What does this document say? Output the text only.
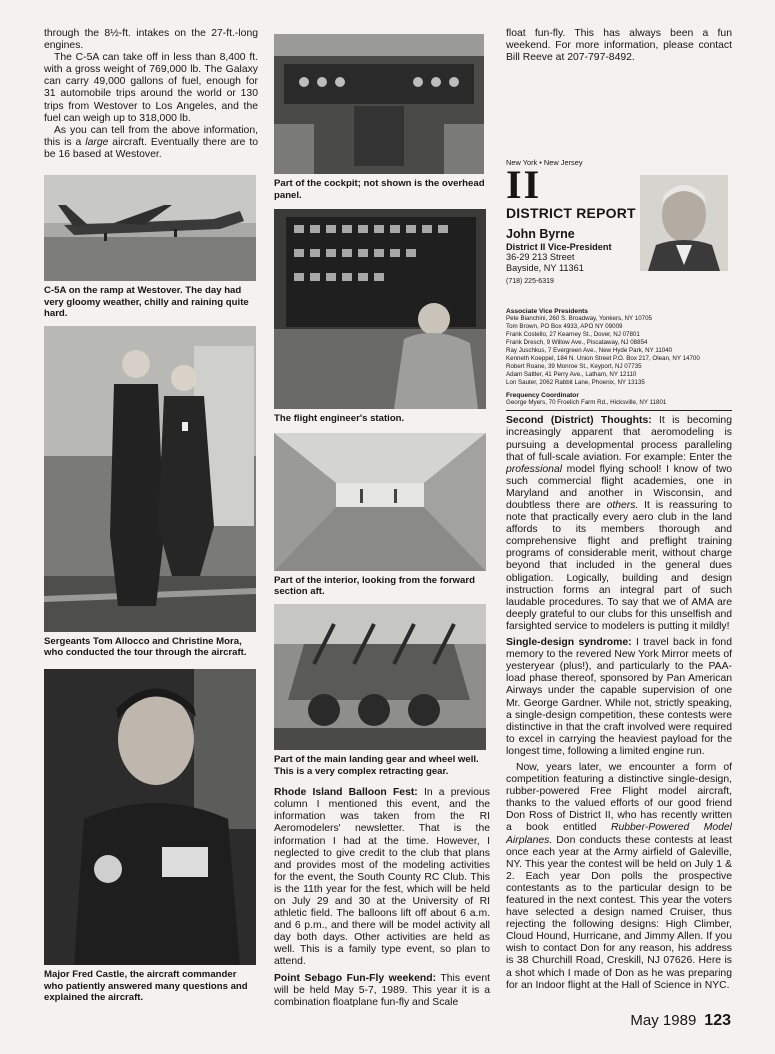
through the 8½-ft. intakes on the 27-ft.-long engines.

The C-5A can take off in less than 8,400 ft. with a gross weight of 769,000 lb. The Galaxy can carry 49,000 gallons of fuel, enough for 31 automobile trips around the world or 130 trips from Westover to Los Angeles, and the fuel can weigh up to 318,000 lb.

As you can tell from the above information, this is a large aircraft. Eventually there are to be 16 based at Westover.

C-5A on the ramp at Westover. The day had very gloomy weather, chilly and raining quite hard.

Sergeants Tom Allocco and Christine Mora, who conducted the tour through the aircraft.

Major Fred Castle, the aircraft commander who patiently answered many questions and explained the aircraft.

Part of the cockpit; not shown is the overhead panel.

The flight engineer's station.

Part of the interior, looking from the forward section aft.

Part of the main landing gear and wheel well. This is a very complex retracting gear.

Rhode Island Balloon Fest: In a previous column I mentioned this event, and the information was taken from the RI Aeromodelers' newsletter. That is the information I had at the time. However, I neglected to give credit to the club that plans and provides most of the modeling activities for the event, the South County RC Club. This is the 11th year for the fest, which will be held on July 29 and 30 at the University of RI athletic field. The balloons lift off about 6 a.m. and 6 p.m., and there will be model activity all day both days. Other activities are held as well. This is a family type event, so plan to attend.

Point Sebago Fun-Fly weekend: This event will be held May 5-7, 1989. This year it is a combination floatplane fun-fly and Scale

float fun-fly. This has always been a fun weekend. For more information, please contact Bill Reeve at 207-797-8492.

New York • New Jersey

II

DISTRICT REPORT
John Byrne
District II Vice-President
36-29 213 Street
Bayside, NY 11361
(718) 225-6319
Associate Vice Presidents

Pete Bianchini, 260 S. Broadway, Yonkers, NY 10705

Tom Brown, PO Box 4933, APO NY 09009

Frank Costello, 27 Kearney St., Dover, NJ 07801

Frank Dresch, 9 Willow Ave., Piscataway, NJ 08854

Ray Juschkus, 7 Evergreen Ave., New Hyde Park, NY 11040

Kenneth Koeppel, 184 N. Union Street P.O. Box 217, Olean, NY 14700

Robert Roane, 39 Monroe St., Keyport, NJ 07735

Adam Sattler, 41 Perry Ave., Latham, NY 12110

Lon Sauter, 2062 Rabbit Lane, Phoenix, NY 13135

Frequency Coordinator

George Myers, 70 Froelich Farm Rd., Hicksville, NY 11801

Second (District) Thoughts: It is becoming increasingly apparent that aeromodeling is pursuing a developmental process paralleling that of full-scale aviation. For example: Enter the professional model flying school! I know of two such commercial flight academies, one in Maryland and another in Wisconsin, and doubtless there are others. It is reassuring to note that practically every aero club in the land affords to its members thorough and comprehensive flight and preflight training programs of considerable merit, without charge beyond that included in the general dues obligation. Logically, building and design instruction forms an integral part of such laudable procedures. To say that we of AMA are deeply grateful to our clubs for this unselfish and farsighted service to modelers is putting it mildly!

Single-design syndrome: I travel back in fond memory to the revered New York Mirror meets of yesteryear (plus!), and particularly to the PAA-load phase thereof, sponsored by Pan American Airways under the capable supervision of one Mr. George Gardner. While not, strictly speaking, a single-design competition, these contests were distinctive in that the craft involved were required to excel in carrying the heaviest payload for the longest time, following a limited engine run.

Now, years later, we encounter a form of competition featuring a distinctive single-design, rubber-powered Free Flight model aircraft, thanks to the valued efforts of our good friend Don Ross of District II, who has recently written a book entitled Rubber-Powered Model Airplanes. Don conducts these contests at least once each year at the Army airfield of Galeville, NY. This year the contest will be held on July 1 & 2. Each year Don polls the prospective contestants as to the particular design to be featured in the next contest. This year the voters have selected a design named Cruiser, thus rejecting the following designs: High Climber, Cloud Hound, Hurricane, and Jimmy Allen. If you wish to contact Don for any reason, his address is 38 Churchill Road, Creskill, NJ 07626. Here is a shot which I made of Don as he was preparing for an Indoor flight at the Hall of Science in NYC.

May 1989 123
